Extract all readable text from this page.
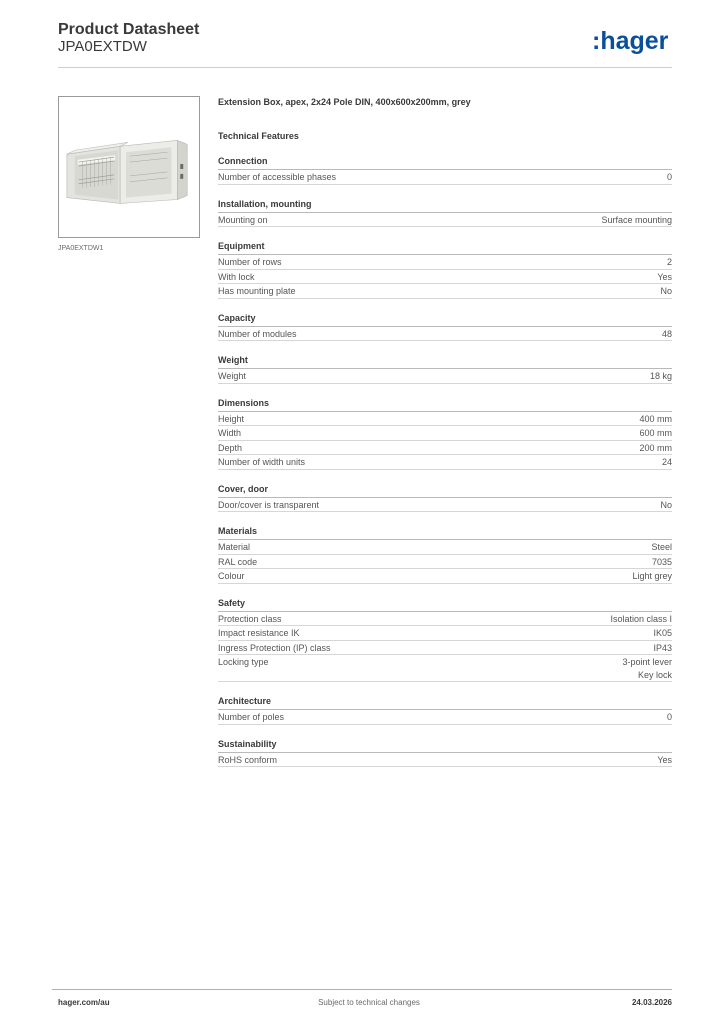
Product Datasheet
JPA0EXTDW	:hager
JPA0EXTDW1
Extension Box, apex, 2x24 Pole DIN, 400x600x200mm, grey
Technical Features
Connection
Number of accessible phases	0
Installation, mounting
Mounting on	Surface mounting
Equipment
Number of rows	2
With lock	Yes
Has mounting plate	No
Capacity
Number of modules	48
Weight
Weight	18 kg
Dimensions
Height	400 mm
Width	600 mm
Depth	200 mm
Number of width units	24
Cover, door
Door/cover is transparent	No
Materials
Material	Steel
RAL code	7035
Colour	Light grey
Safety
Protection class	Isolation class I
Impact resistance IK	IK05
Ingress Protection (IP) class	IP43
Locking type	3-point lever
Key lock
Architecture
Number of poles	0
Sustainability
RoHS conform	Yes
hager.com/au	Subject to technical changes	24.03.2026
